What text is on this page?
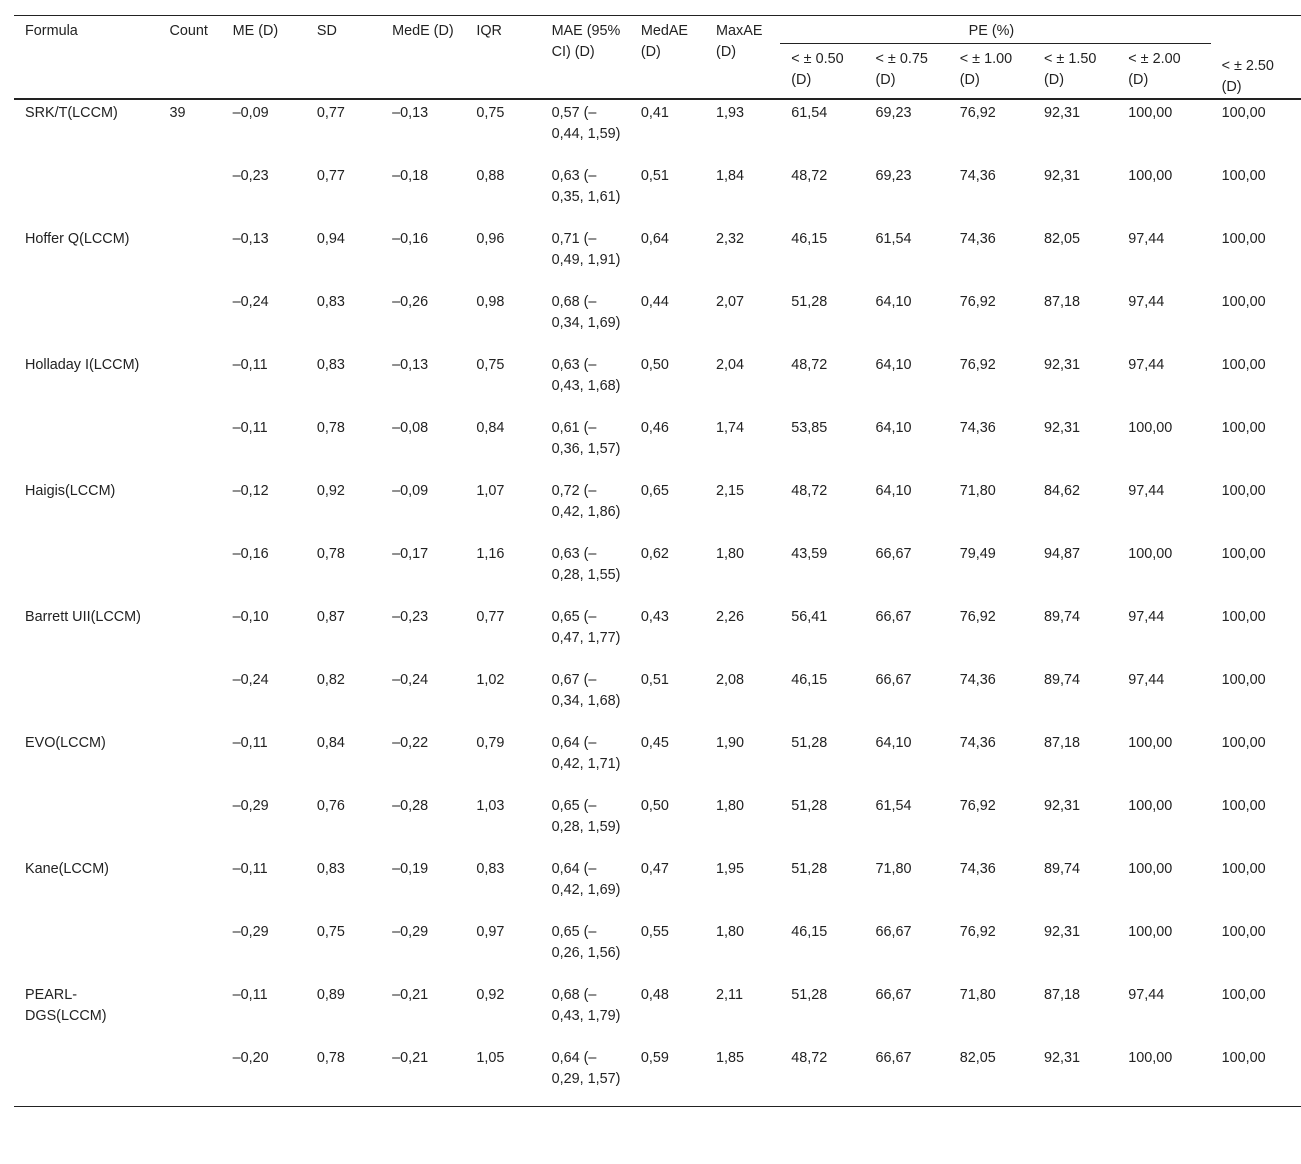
Formula	Count	ME (D)	SD	MedE (D)	IQR	MAE (95% CI) (D)	MedAE (D)	MaxAE (D)	PE (%)					< ± 2.50 (D)
									< ± 0.50 (D)	< ± 0.75 (D)	< ± 1.00 (D)	< ± 1.50 (D)	< ± 2.00 (D)	
SRK/T(LCCM)	39	–0,09	0,77	–0,13	0,75	0,57 (–0,44, 1,59)	0,41	1,93	61,54	69,23	76,92	92,31	100,00	100,00
		–0,23	0,77	–0,18	0,88	0,63 (–0,35, 1,61)	0,51	1,84	48,72	69,23	74,36	92,31	100,00	100,00
Hoffer Q(LCCM)		–0,13	0,94	–0,16	0,96	0,71 (–0,49, 1,91)	0,64	2,32	46,15	61,54	74,36	82,05	97,44	100,00
		–0,24	0,83	–0,26	0,98	0,68 (–0,34, 1,69)	0,44	2,07	51,28	64,10	76,92	87,18	97,44	100,00
Holladay I(LCCM)		–0,11	0,83	–0,13	0,75	0,63 (–0,43, 1,68)	0,50	2,04	48,72	64,10	76,92	92,31	97,44	100,00
		–0,11	0,78	–0,08	0,84	0,61 (–0,36, 1,57)	0,46	1,74	53,85	64,10	74,36	92,31	100,00	100,00
Haigis(LCCM)		–0,12	0,92	–0,09	1,07	0,72 (–0,42, 1,86)	0,65	2,15	48,72	64,10	71,80	84,62	97,44	100,00
		–0,16	0,78	–0,17	1,16	0,63 (–0,28, 1,55)	0,62	1,80	43,59	66,67	79,49	94,87	100,00	100,00
Barrett UII(LCCM)		–0,10	0,87	–0,23	0,77	0,65 (–0,47, 1,77)	0,43	2,26	56,41	66,67	76,92	89,74	97,44	100,00
		–0,24	0,82	–0,24	1,02	0,67 (–0,34, 1,68)	0,51	2,08	46,15	66,67	74,36	89,74	97,44	100,00
EVO(LCCM)		–0,11	0,84	–0,22	0,79	0,64 (–0,42, 1,71)	0,45	1,90	51,28	64,10	74,36	87,18	100,00	100,00
		–0,29	0,76	–0,28	1,03	0,65 (–0,28, 1,59)	0,50	1,80	51,28	61,54	76,92	92,31	100,00	100,00
Kane(LCCM)		–0,11	0,83	–0,19	0,83	0,64 (–0,42, 1,69)	0,47	1,95	51,28	71,80	74,36	89,74	100,00	100,00
		–0,29	0,75	–0,29	0,97	0,65 (–0,26, 1,56)	0,55	1,80	46,15	66,67	76,92	92,31	100,00	100,00
PEARL-DGS(LCCM)		–0,11	0,89	–0,21	0,92	0,68 (–0,43, 1,79)	0,48	2,11	51,28	66,67	71,80	87,18	97,44	100,00
		–0,20	0,78	–0,21	1,05	0,64 (–0,29, 1,57)	0,59	1,85	48,72	66,67	82,05	92,31	100,00	100,00
